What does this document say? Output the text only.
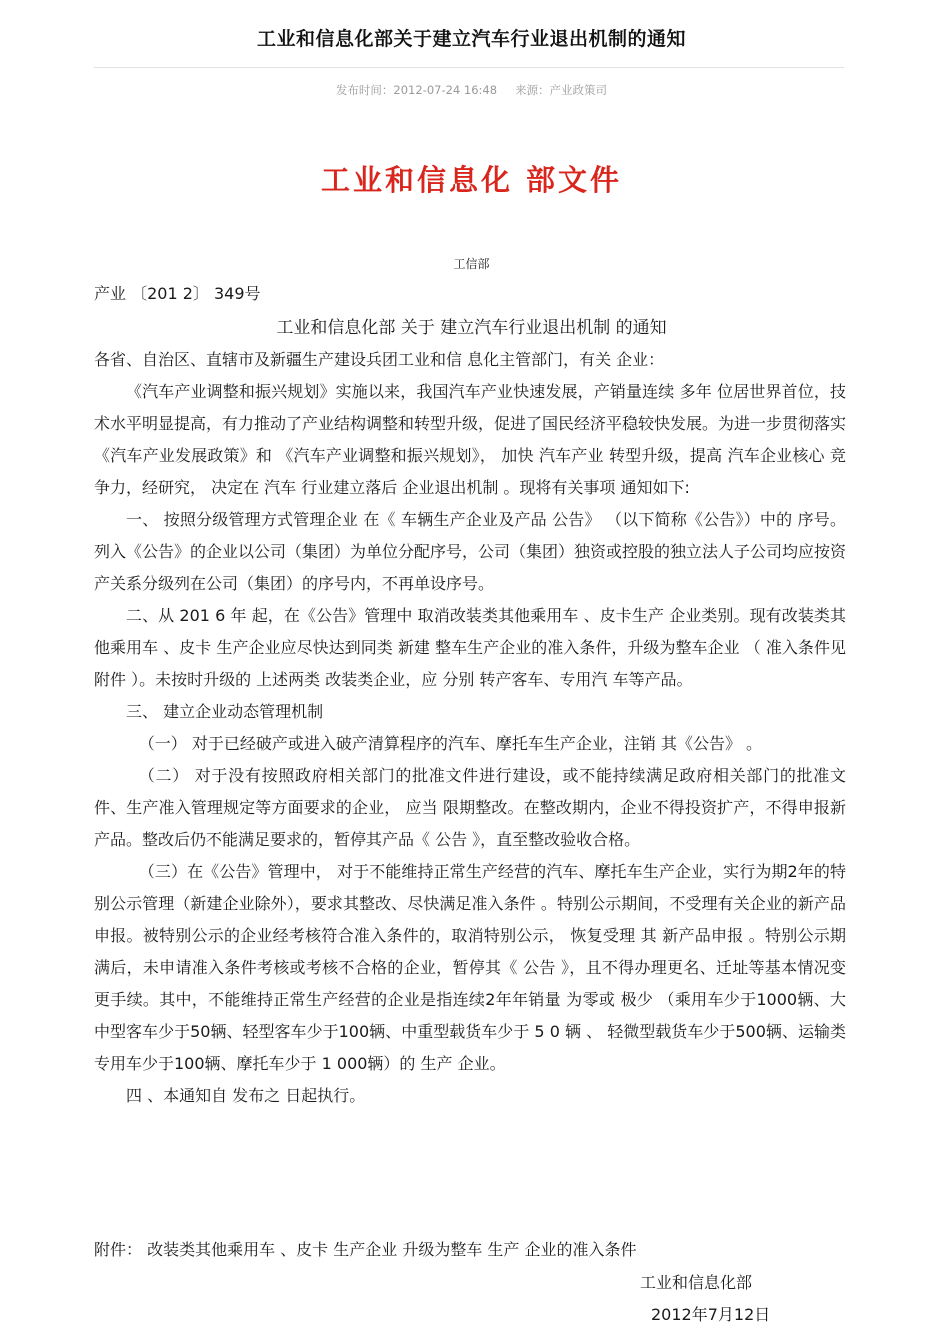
工业和信息化部关于建立汽车行业退出机制的通知
发布时间：2012-07-24 16:48 来源：产业政策司
工业和信息化 部文件
工信部
产业 〔201 2〕 349号
工业和信息化部 关于 建立汽车行业退出机制 的通知

各省、自治区、直辖市及新疆生产建设兵团工业和信 息化主管部门，有关 企业：

《汽车产业调整和振兴规划》实施以来，我国汽车产业快速发展，产销量连续 多年 位居世界首位，技术水平明显提高，有力推动了产业结构调整和转型升级，促进了国民经济平稳较快发展。为进一步贯彻落实《汽车产业发展政策》和 《汽车产业调整和振兴规划》， 加快 汽车产业 转型升级，提高 汽车企业核心 竞争力，经研究， 决定在 汽车 行业建立落后 企业退出机制 。现将有关事项 通知如下:

一、 按照分级管理方式管理企业 在《 车辆生产企业及产品 公告》 （以下简称《公告》）中的 序号。列入《公告》的企业以公司（集团）为单位分配序号，公司（集团）独资或控股的独立法人子公司均应按资产关系分级列在公司（集团）的序号内，不再单设序号。

二、从 201 6 年 起，在《公告》管理中 取消改装类其他乘用车 、皮卡生产 企业类别。现有改装类其他乘用车 、皮卡 生产企业应尽快达到同类 新建 整车生产企业的准入条件，升级为整车企业 （ 准入条件见附件 ）。未按时升级的 上述两类 改装类企业，应 分别 转产客车、专用汽 车等产品。

三、 建立企业动态管理机制

（一） 对于已经破产或进入破产清算程序的汽车、摩托车生产企业，注销 其《公告》 。

（二） 对于没有按照政府相关部门的批准文件进行建设，或不能持续满足政府相关部门的批准文件、生产准入管理规定等方面要求的企业， 应当 限期整改。在整改期内，企业不得投资扩产，不得申报新产品。整改后仍不能满足要求的，暂停其产品《 公告 》，直至整改验收合格。

（三）在《公告》管理中， 对于不能维持正常生产经营的汽车、摩托车生产企业，实行为期2年的特别公示管理（新建企业除外），要求其整改、尽快满足准入条件 。特别公示期间，不受理有关企业的新产品申报。被特别公示的企业经考核符合准入条件的，取消特别公示， 恢复受理 其 新产品申报 。特别公示期满后，未申请准入条件考核或考核不合格的企业，暂停其《 公告 》，且不得办理更名、迁址等基本情况变更手续。其中，不能维持正常生产经营的企业是指连续2年年销量 为零或 极少 （乘用车少于1000辆、大中型客车少于50辆、轻型客车少于100辆、中重型载货车少于 5 0 辆 、 轻微型载货车少于500辆、运输类专用车少于100辆、摩托车少于 1 000辆）的 生产 企业。

四 、本通知自 发布之 日起执行。

附件： 改装类其他乘用车 、皮卡 生产企业 升级为整车 生产 企业的准入条件
工业和信息化部
2012年7月12日
